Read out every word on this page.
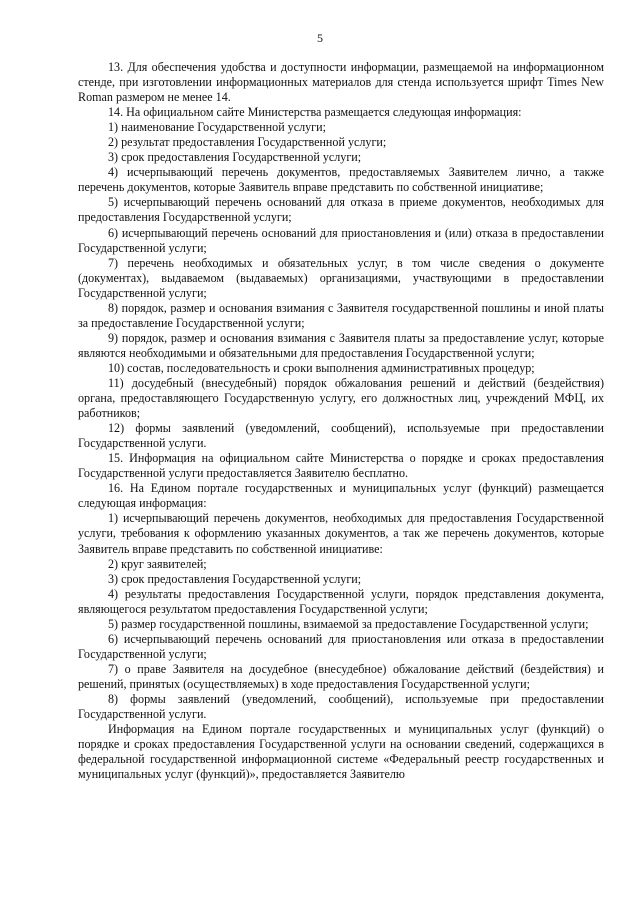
5

13. Для обеспечения удобства и доступности информации, размещаемой на информационном стенде, при изготовлении информационных материалов для стенда используется шрифт Times New Roman размером не менее 14.

14. На официальном сайте Министерства размещается следующая информация:

1) наименование Государственной услуги;

2) результат предоставления Государственной услуги;

3) срок предоставления Государственной услуги;

4) исчерпывающий перечень документов, предоставляемых Заявителем лично, а также перечень документов, которые Заявитель вправе представить по собственной инициативе;

5) исчерпывающий перечень оснований для отказа в приеме документов, необходимых для предоставления Государственной услуги;

6) исчерпывающий перечень оснований для приостановления и (или) отказа в предоставлении Государственной услуги;

7) перечень необходимых и обязательных услуг, в том числе сведения о документе (документах), выдаваемом (выдаваемых) организациями, участвующими в предоставлении Государственной услуги;

8) порядок, размер и основания взимания с Заявителя государственной пошлины и иной платы за предоставление Государственной услуги;

9) порядок, размер и основания взимания с Заявителя платы за предоставление услуг, которые являются необходимыми и обязательными для предоставления Государственной услуги;

10) состав, последовательность и сроки выполнения административных процедур;

11) досудебный (внесудебный) порядок обжалования решений и действий (бездействия) органа, предоставляющего Государственную услугу, его должностных лиц, учреждений МФЦ, их работников;

12) формы заявлений (уведомлений, сообщений), используемые при предоставлении Государственной услуги.

15. Информация на официальном сайте Министерства о порядке и сроках предоставления Государственной услуги предоставляется Заявителю бесплатно.

16. На Едином портале государственных и муниципальных услуг (функций) размещается следующая информация:

1) исчерпывающий перечень документов, необходимых для предоставления Государственной услуги, требования к оформлению указанных документов, а так же перечень документов, которые Заявитель вправе представить по собственной инициативе:

2) круг заявителей;

3) срок предоставления Государственной услуги;

4) результаты предоставления Государственной услуги, порядок представления документа, являющегося результатом предоставления Государственной услуги;

5) размер государственной пошлины, взимаемой за предоставление Государственной услуги;

6) исчерпывающий перечень оснований для приостановления или отказа в предоставлении Государственной услуги;

7) о праве Заявителя на досудебное (внесудебное) обжалование действий (бездействия) и решений, принятых (осуществляемых) в ходе предоставления Государственной услуги;

8) формы заявлений (уведомлений, сообщений), используемые при предоставлении Государственной услуги.

Информация на Едином портале государственных и муниципальных услуг (функций) о порядке и сроках предоставления Государственной услуги на основании сведений, содержащихся в федеральной государственной информационной системе «Федеральный реестр государственных и муниципальных услуг (функций)», предоставляется Заявителю
